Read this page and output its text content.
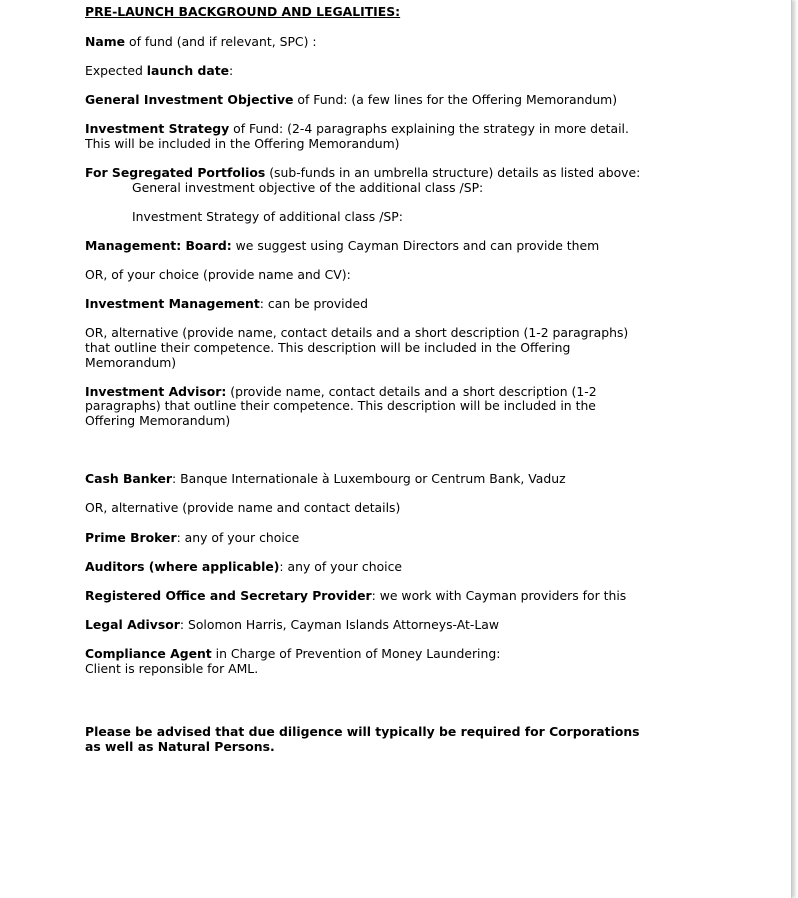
PRE-LAUNCH BACKGROUND AND LEGALITIES:
Name of fund (and if relevant, SPC) :
Expected launch date:
General Investment Objective of Fund: (a few lines for the Offering Memorandum)
Investment Strategy of Fund: (2-4 paragraphs explaining the strategy in more detail. This will be included in the Offering Memorandum)
For Segregated Portfolios (sub-funds in an umbrella structure) details as listed above:
General investment objective of the additional class /SP:
Investment Strategy of additional class /SP:
Management: Board: we suggest using Cayman Directors and can provide them
OR, of your choice (provide name and CV):
Investment Management: can be provided
OR, alternative (provide name, contact details and a short description (1-2 paragraphs) that outline their competence. This description will be included in the Offering Memorandum)
Investment Advisor: (provide name, contact details and a short description (1-2 paragraphs) that outline their competence. This description will be included in the Offering Memorandum)
Cash Banker: Banque Internationale à Luxembourg or Centrum Bank, Vaduz
OR, alternative (provide name and contact details)
Prime Broker: any of your choice
Auditors (where applicable): any of your choice
Registered Office and Secretary Provider: we work with Cayman providers for this
Legal Adivsor: Solomon Harris, Cayman Islands Attorneys-At-Law
Compliance Agent in Charge of Prevention of Money Laundering:
Client is reponsible for AML.
Please be advised that due diligence will typically be required for Corporations as well as Natural Persons.
